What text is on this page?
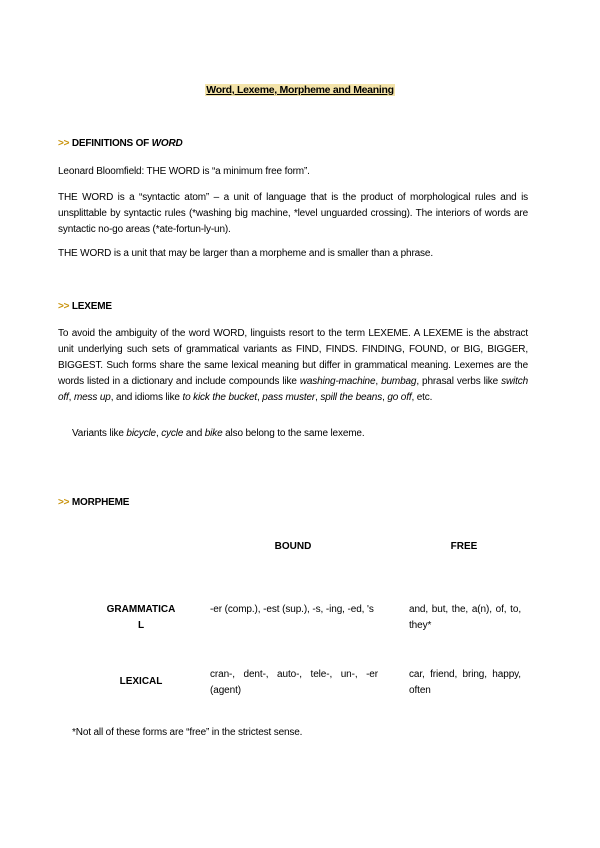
Word, Lexeme, Morpheme and Meaning
>> DEFINITIONS OF WORD
Leonard Bloomfield: THE WORD is “a minimum free form”.
THE WORD is a “syntactic atom” – a unit of language that is the product of morphological rules and is unsplittable by syntactic rules (*washing big machine, *level unguarded crossing). The interiors of words are syntactic no-go areas (*ate-fortun-ly-un).
THE WORD is a unit that may be larger than a morpheme and is smaller than a phrase.
>> LEXEME
To avoid the ambiguity of the word WORD, linguists resort to the term LEXEME. A LEXEME is the abstract unit underlying such sets of grammatical variants as FIND, FINDS. FINDING, FOUND, or BIG, BIGGER, BIGGEST. Such forms share the same lexical meaning but differ in grammatical meaning. Lexemes are the words listed in a dictionary and include compounds like washing-machine, bumbag, phrasal verbs like switch off, mess up, and idioms like to kick the bucket, pass muster, spill the beans, go off, etc.
Variants like bicycle, cycle and bike also belong to the same lexeme.
>> MORPHEME
BOUND	FREE
GRAMMATICA
L
-er (comp.), -est (sup.), -s, -ing, -ed, 's	and, but, the, a(n), of, to, they*
LEXICAL
cran-, dent-, auto-, tele-, un-, -er (agent)
car, friend, bring, happy, often
*Not all of these forms are “free” in the strictest sense.
